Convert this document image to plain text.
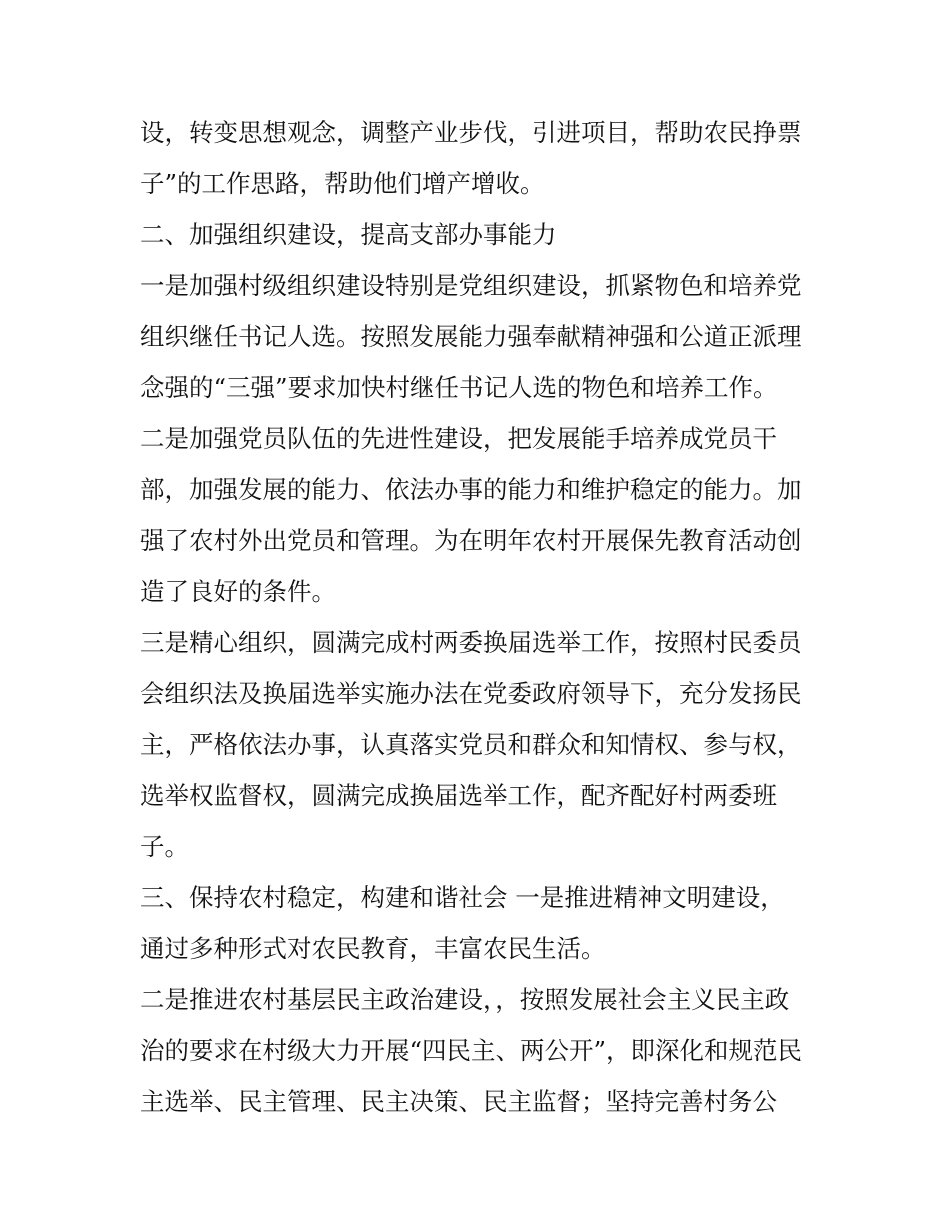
设，转变思想观念，调整产业步伐，引进项目，帮助农民挣票
子”的工作思路，帮助他们增产增收。
二、加强组织建设，提高支部办事能力
一是加强村级组织建设特别是党组织建设，抓紧物色和培养党
组织继任书记人选。按照发展能力强奉献精神强和公道正派理
念强的“三强”要求加快村继任书记人选的物色和培养工作。
二是加强党员队伍的先进性建设，把发展能手培养成党员干
部，加强发展的能力、依法办事的能力和维护稳定的能力。加
强了农村外出党员和管理。为在明年农村开展保先教育活动创
造了良好的条件。
三是精心组织，圆满完成村两委换届选举工作，按照村民委员
会组织法及换届选举实施办法在党委政府领导下，充分发扬民
主，严格依法办事，认真落实党员和群众和知情权、参与权，
选举权监督权，圆满完成换届选举工作，配齐配好村两委班
子。
三、保持农村稳定，构建和谐社会 一是推进精神文明建设，
通过多种形式对农民教育，丰富农民生活。
二是推进农村基层民主政治建设，，按照发展社会主义民主政
治的要求在村级大力开展“四民主、两公开”，即深化和规范民
主选举、民主管理、民主决策、民主监督；坚持完善村务公
